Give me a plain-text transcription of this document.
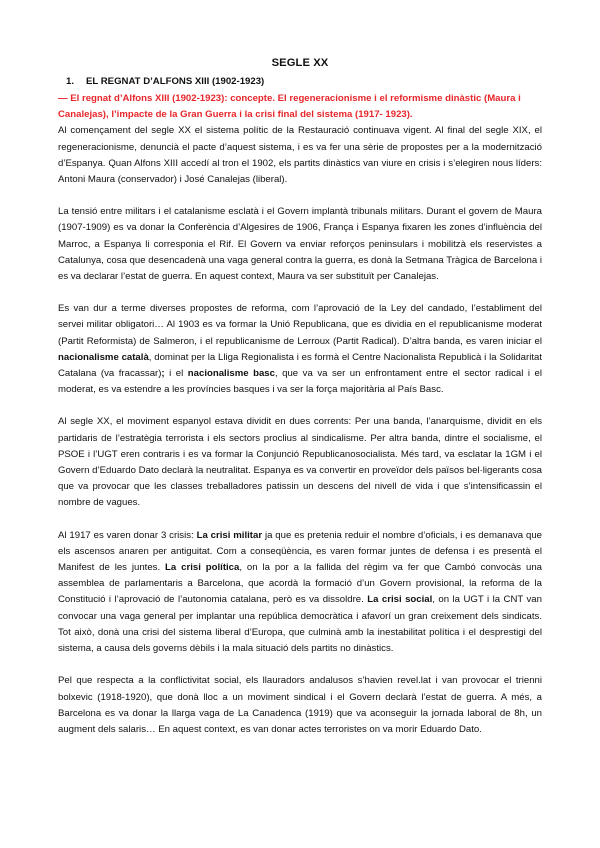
SEGLE XX
1. EL REGNAT D’ALFONS XIII (1902-1923)
— El regnat d’Alfons XIII (1902-1923): concepte. El regeneracionisme i el reformisme dinàstic (Maura i Canalejas), l’impacte de la Gran Guerra i la crisi final del sistema (1917- 1923).

Al començament del segle XX el sistema polític de la Restauració continuava vigent. Al final del segle XIX, el regeneracionisme, denuncià el pacte d’aquest sistema, i es va fer una sèrie de propostes per a la modernització d’Espanya. Quan Alfons XIII accedí al tron el 1902, els partits dinàstics van viure en crisis i s’elegiren nous líders: Antoni Maura (conservador) i José Canalejas (liberal).

La tensió entre militars i el catalanisme esclatà i el Govern implantà tribunals militars. Durant el govern de Maura (1907-1909) es va donar la Conferència d’Algesires de 1906, França i Espanya fixaren les zones d’influència del Marroc, a Espanya li corresponia el Rif. El Govern va enviar reforços peninsulars i mobilitzà els reservistes a Catalunya, cosa que desencadenà una vaga general contra la guerra, es donà la Setmana Tràgica de Barcelona i es va declarar l’estat de guerra. En aquest context, Maura va ser substituït per Canalejas.

Es van dur a terme diverses propostes de reforma, com l’aprovació de la Ley del candado, l’establiment del servei militar obligatori… Al 1903 es va formar la Unió Republicana, que es dividia en el republicanisme moderat (Partit Reformista) de Salmeron, i el republicanisme de Lerroux (Partit Radical). D’altra banda, es varen iniciar el nacionalisme català, dominat per la Lliga Regionalista i es formà el Centre Nacionalista Republicà i la Solidaritat Catalana (va fracassar); i el nacionalisme basc, que va va ser un enfrontament entre el sector radical i el moderat, es va estendre a les províncies basques i va ser la força majoritària al País Basc.

Al segle XX, el moviment espanyol estava dividit en dues corrents: Per una banda, l’anarquisme, dividit en els partidaris de l’estratègia terrorista i els sectors proclius al sindicalisme. Per altra banda, dintre el socialisme, el PSOE i l’UGT eren contraris i es va formar la Conjunció Republicanosocialista. Més tard, va esclatar la 1GM i el Govern d’Eduardo Dato declarà la neutralitat. Espanya es va convertir en proveïdor dels països bel·ligerants cosa que va provocar que les classes treballadores patissin un descens del nivell de vida i que s’intensificassin el nombre de vagues.

Al 1917 es varen donar 3 crisis: La crisi militar ja que es pretenia reduir el nombre d’oficials, i es demanava que els ascensos anaren per antiguitat. Com a conseqüència, es varen formar juntes de defensa i es presentà el Manifest de les juntes. La crisi política, on la por a la fallida del règim va fer que Cambó convocàs una assemblea de parlamentaris a Barcelona, que acordà la formació d’un Govern provisional, la reforma de la Constitució i l’aprovació de l’autonomia catalana, però es va dissoldre. La crisi social, on la UGT i la CNT van convocar una vaga general per implantar una república democràtica i afavorí un gran creixement dels sindicats. Tot això, donà una crisi del sistema liberal d’Europa, que culminà amb la inestabilitat política i el desprestigi del sistema, a causa dels governs dèbils i la mala situació dels partits no dinàstics.

Pel que respecta a la conflictivitat social, els llauradors andalusos s’havien revel.lat i van provocar el trienni bolxevic (1918-1920), que donà lloc a un moviment sindical i el Govern declarà l’estat de guerra. A més, a Barcelona es va donar la llarga vaga de La Canadenca (1919) que va aconseguir la jornada laboral de 8h, un augment dels salaris… En aquest context, es van donar actes terroristes on va morir Eduardo Dato.
